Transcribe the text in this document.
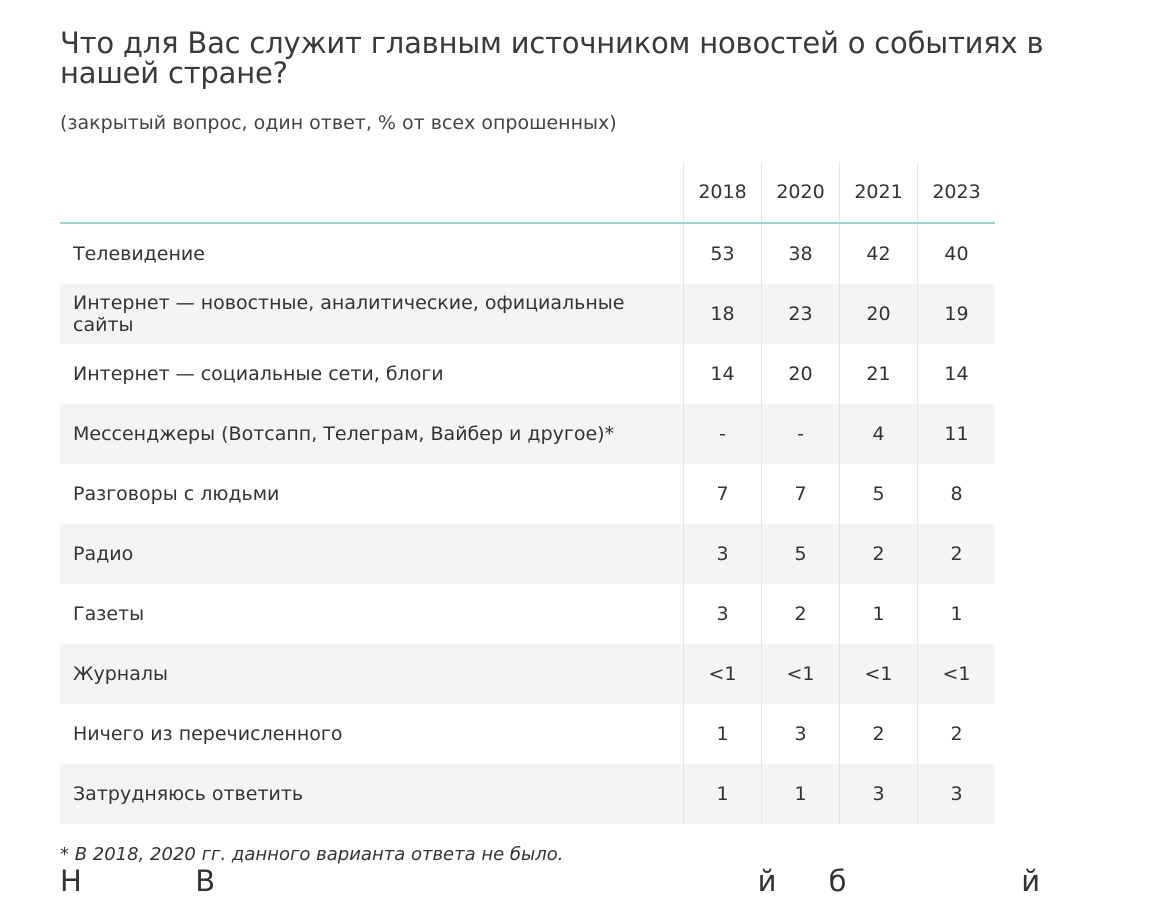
Что для Вас служит главным источником новостей о событиях в нашей стране?

(закрытый вопрос, один ответ, % от всех опрошенных)

	2018	2020	2021	2023
Телевидение	53	38	42	40
Интернет — новостные, аналитические, официальные сайты	18	23	20	19
Интернет — социальные сети, блоги	14	20	21	14
Мессенджеры (Вотсапп, Телеграм, Вайбер и другое)*	-	-	4	11
Разговоры с людьми	7	7	5	8
Радио	3	5	2	2
Газеты	3	2	1	1
Журналы	<1	<1	<1	<1
Ничего из перечисленного	1	3	2	2
Затрудняюсь ответить	1	1	3	3

* В 2018, 2020 гг. данного варианта ответа не было.

Н           В                                                     й     б                 й
